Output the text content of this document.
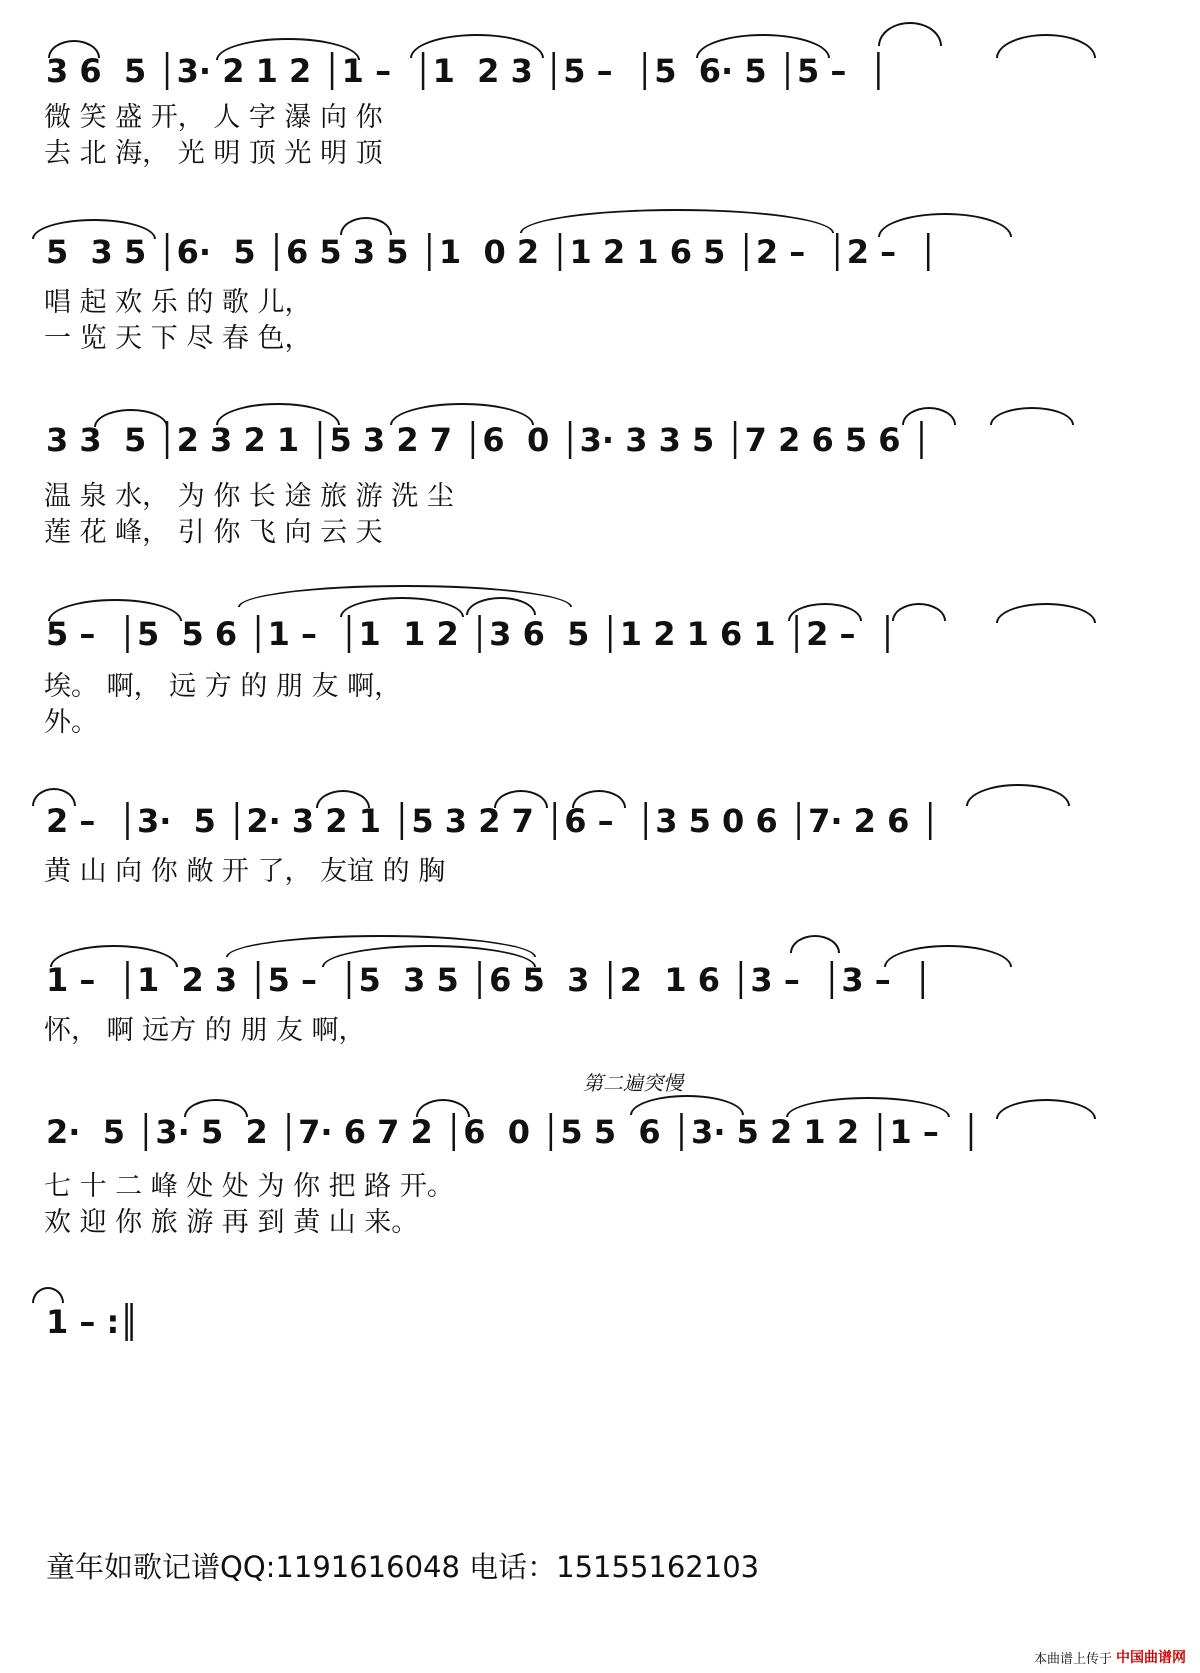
3 6  5 │3· 2 1 2 │1 –  │1  2 3 │5 –  │5  6· 5 │5 –  │
微 笑 盛 开， 人 字 瀑 向 你
去 北 海， 光 明 顶 光 明 顶
5  3 5 │6·  5 │6 5 3 5 │1  0 2 │1 2 1 6 5 │2 –  │2 –  │
唱 起 欢 乐 的 歌 儿，
一 览 天 下 尽 春 色，
3 3  5 │2 3 2 1 │5 3 2 7 │6  0 │3· 3 3 5 │7 2 6 5 6 │
温 泉 水， 为 你 长 途 旅 游 洗 尘
莲 花 峰， 引 你 飞 向 云 天
5 –  │5  5 6 │1 –  │1  1 2 │3 6  5 │1 2 1 6 1 │2 –  │
埃。 啊， 远 方 的 朋 友 啊，
外。
2 –  │3·  5 │2· 3 2 1 │5 3 2 7 │6 –  │3 5 0 6 │7· 2 6 │
黄 山 向 你 敞 开 了， 友谊 的 胸
1 –  │1  2 3 │5 –  │5  3 5 │6 5  3 │2  1 6 │3 –  │3 –  │
怀， 啊 远方 的 朋 友 啊，
第二遍突慢
2·  5 │3· 5  2 │7· 6 7 2 │6  0 │5 5  6 │3· 5 2 1 2 │1 –  │
七 十 二 峰 处 处 为 你 把 路 开。
欢 迎 你 旅 游 再 到 黄 山 来。
1 – :║
童年如歌记谱QQ:1191616048 电话：15155162103
本曲谱上传于 中国曲谱网
